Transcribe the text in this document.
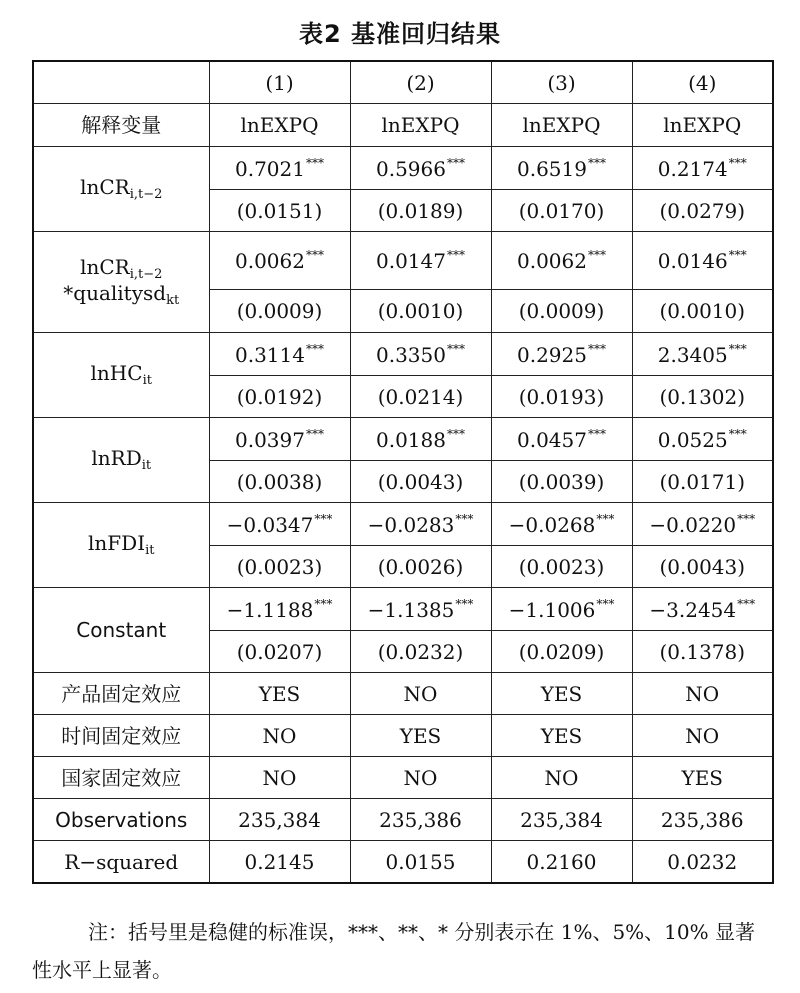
表2 基准回归结果
	(1)	(2)	(3)	(4)
解释变量	lnEXPQ	lnEXPQ	lnEXPQ	lnEXPQ
lnCR$_{i,t-2}$	0.7021***	0.5966***	0.6519***	0.2174***
	(0.0151)	(0.0189)	(0.0170)	(0.0279)

lnCR$_{i,t-2}$
*qualitysd$_{kt}$	0.0062***	0.0147***	0.0062***	0.0146***
	(0.0009)	(0.0010)	(0.0009)	(0.0010)
lnHC$_{it}$	0.3114***	0.3350***	0.2925***	2.3405***
	(0.0192)	(0.0214)	(0.0193)	(0.1302)
lnRD$_{it}$	0.0397***	0.0188***	0.0457***	0.0525***
	(0.0038)	(0.0043)	(0.0039)	(0.0171)
lnFDI$_{it}$	−0.0347***	−0.0283***	−0.0268***	−0.0220***
	(0.0023)	(0.0026)	(0.0023)	(0.0043)
Constant	−1.1188***	−1.1385***	−1.1006***	−3.2454***
	(0.0207)	(0.0232)	(0.0209)	(0.1378)
产品固定效应	YES	NO	YES	NO
时间固定效应	NO	YES	YES	NO
国家固定效应	NO	NO	NO	YES
Observations	235,384	235,386	235,384	235,386
R−squared	0.2145	0.0155	0.2160	0.0232
注：括号里是稳健的标准误，***、**、* 分别表示在 1%、5%、10% 显著性水平上显著。
